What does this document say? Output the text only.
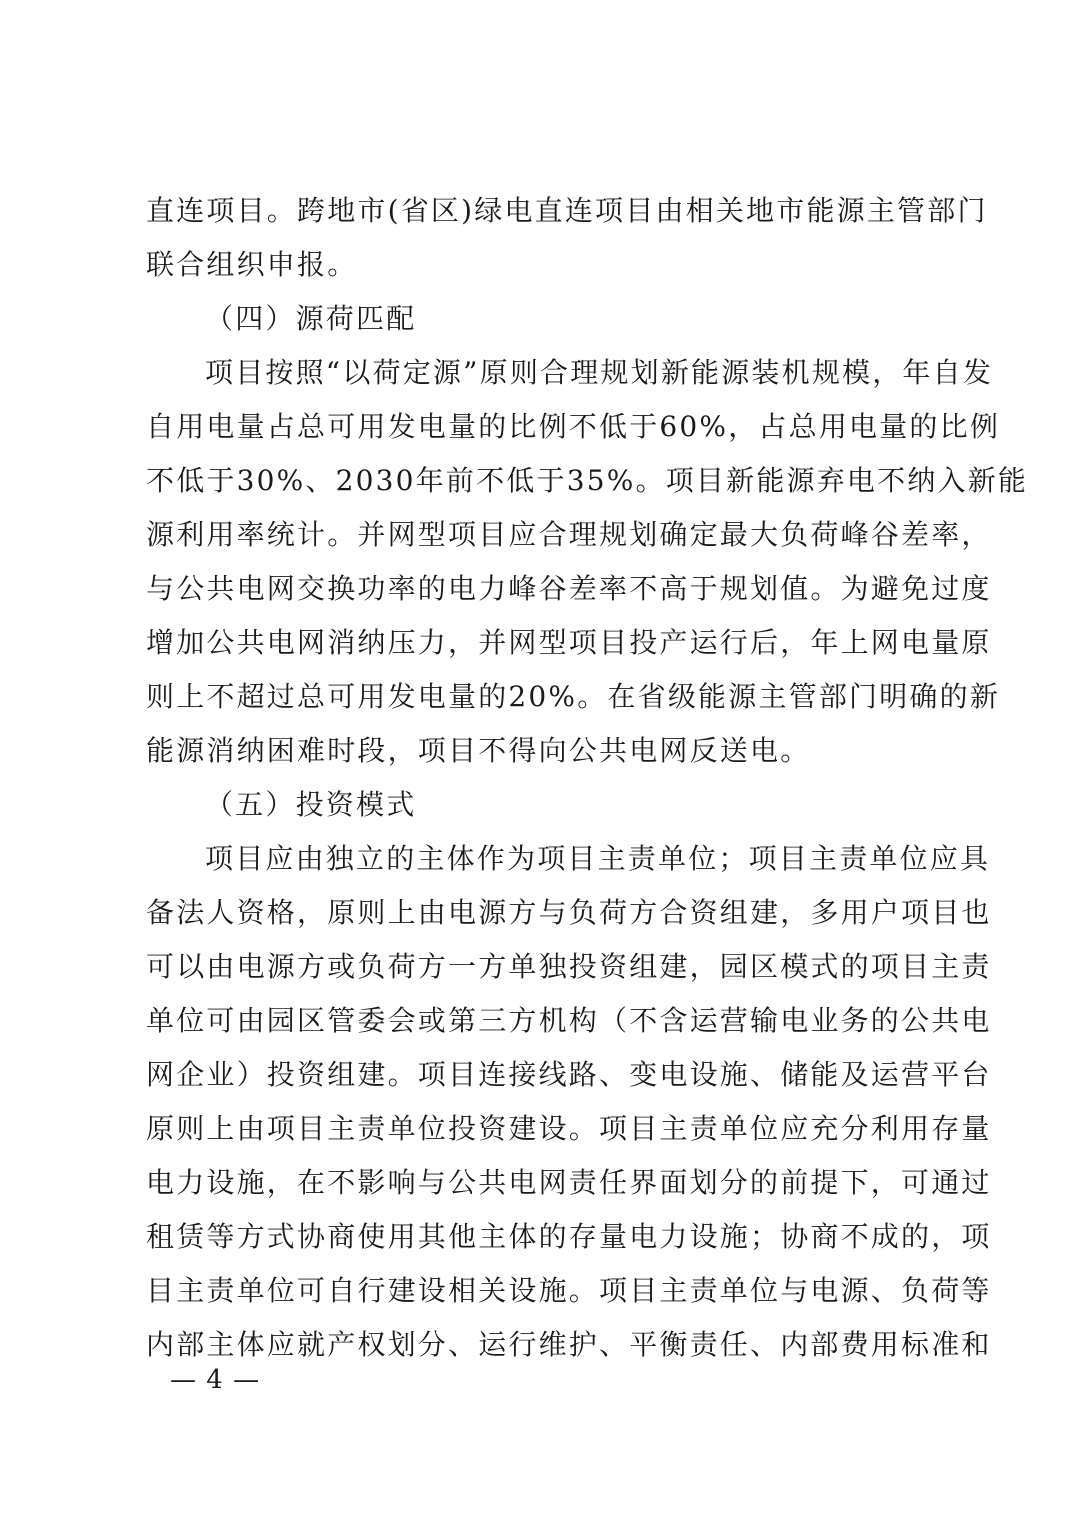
直连项目。跨地市(省区)绿电直连项目由相关地市能源主管部门
联合组织申报。
（四）源荷匹配
项目按照“以荷定源”原则合理规划新能源装机规模，年自发
自用电量占总可用发电量的比例不低于60%，占总用电量的比例
不低于30%、2030年前不低于35%。项目新能源弃电不纳入新能
源利用率统计。并网型项目应合理规划确定最大负荷峰谷差率，
与公共电网交换功率的电力峰谷差率不高于规划值。为避免过度
增加公共电网消纳压力，并网型项目投产运行后，年上网电量原
则上不超过总可用发电量的20%。在省级能源主管部门明确的新
能源消纳困难时段，项目不得向公共电网反送电。
（五）投资模式
项目应由独立的主体作为项目主责单位；项目主责单位应具
备法人资格，原则上由电源方与负荷方合资组建，多用户项目也
可以由电源方或负荷方一方单独投资组建，园区模式的项目主责
单位可由园区管委会或第三方机构（不含运营输电业务的公共电
网企业）投资组建。项目连接线路、变电设施、储能及运营平台
原则上由项目主责单位投资建设。项目主责单位应充分利用存量
电力设施，在不影响与公共电网责任界面划分的前提下，可通过
租赁等方式协商使用其他主体的存量电力设施；协商不成的，项
目主责单位可自行建设相关设施。项目主责单位与电源、负荷等
内部主体应就产权划分、运行维护、平衡责任、内部费用标准和
— 4 —
